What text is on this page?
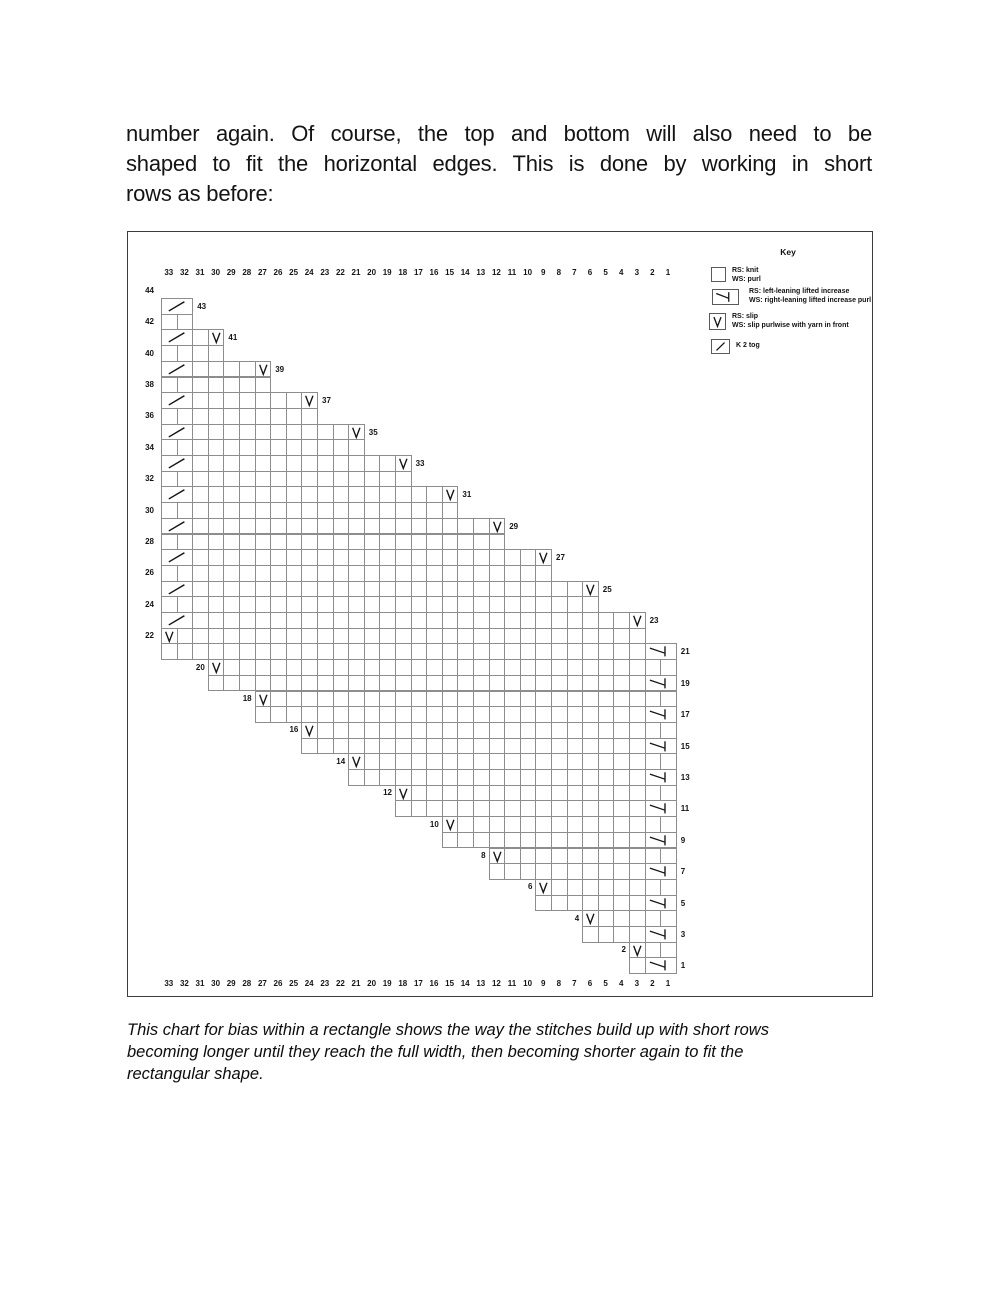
number again. Of course, the top and bottom will also need to be
shaped to fit the horizontal edges. This is done by working in short
rows as before:
Key
RS: knit
WS: purl
RS: left-leaning lifted increase
WS: right-leaning lifted increase purl
RS: slip
WS: slip purlwise with yarn in front
K 2 tog
33
33
32
32
31
31
30
30
29
29
28
28
27
27
26
26
25
25
24
24
23
23
22
22
21
21
20
20
19
19
18
18
17
17
16
16
15
15
14
14
13
13
12
12
11
11
10
10
9
9
8
8
7
7
6
6
5
5
4
4
3
3
2
2
1
1
44
43
42
41
40
39
38
37
36
35
34
33
32
31
30
29
28
27
26
25
24
23
22
21
20
19
18
17
16
15
14
13
12
11
10
9
8
7
6
5
4
3
2
1
This chart for bias within a rectangle shows the way the stitches build up with short rows
becoming longer until they reach the full width, then becoming shorter again to fit the
rectangular shape.
